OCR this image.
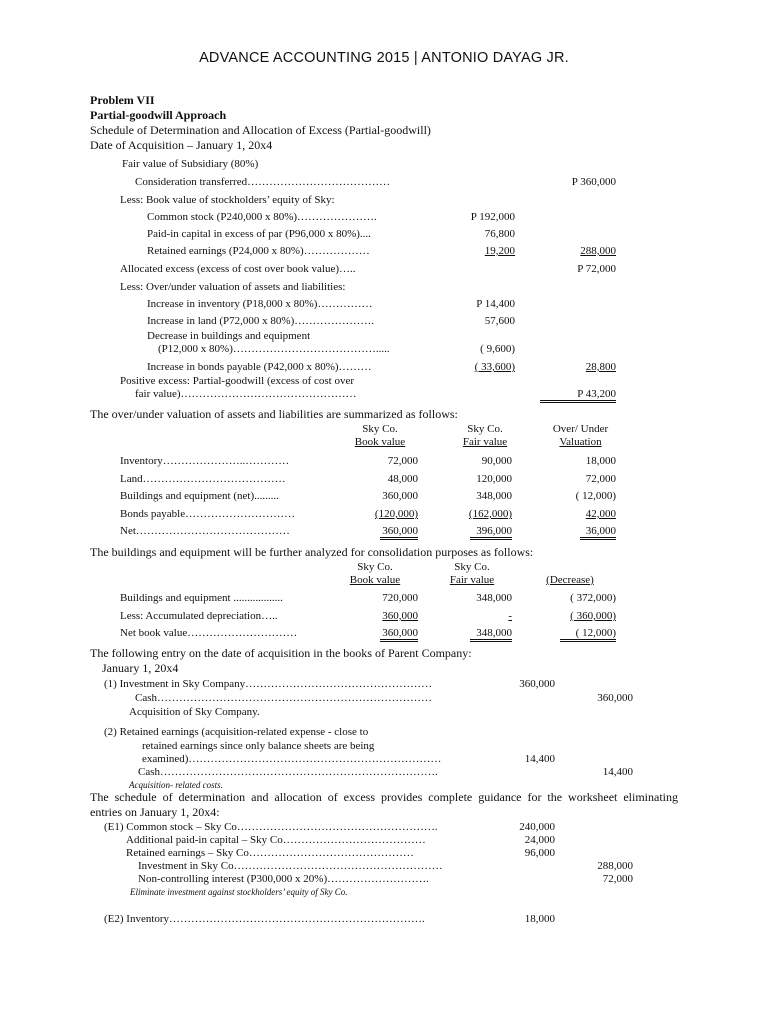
ADVANCE ACCOUNTING 2015 | ANTONIO DAYAG JR.
Problem VII
Partial-goodwill Approach
Schedule of Determination and Allocation of Excess (Partial-goodwill)
Date of Acquisition – January 1, 20x4
Fair value of Subsidiary (80%)
Consideration transferred…………………………………	P 360,000
Less: Book value of stockholders’ equity of Sky:
Common stock (P240,000 x 80%)………………….	P 192,000
Paid-in capital in excess of par (P96,000 x 80%)....	76,800
Retained earnings (P24,000 x 80%)………………	19,200	288,000
Allocated excess (excess of cost over book value)…..	P 72,000
Less: Over/under valuation of assets and liabilities:
Increase in inventory (P18,000 x 80%)……………	P 14,400
Increase in land (P72,000 x 80%)………………….	57,600
Decrease in buildings and equipment
(P12,000 x 80%)………………………………….....	( 9,600)
Increase in bonds payable (P42,000 x 80%)………	( 33,600)	28,800
Positive excess: Partial-goodwill (excess of cost over
fair value)…………………………………………	P 43,200
The over/under valuation of assets and liabilities are summarized as follows:
Sky Co.
Book value
Sky Co.
Fair value
Over/ Under
Valuation
Inventory…………………..…………	72,000	90,000	18,000
Land…………………………………	48,000	120,000	72,000
Buildings and equipment (net).........	360,000	348,000	( 12,000)
Bonds payable…………………………	(120,000)	(162,000)	42,000
Net……………………………………	360,000	396,000	36,000
The buildings and equipment will be further analyzed for consolidation purposes as follows:
Sky Co.
Book value
Sky Co.
Fair value	(Decrease)
Buildings and equipment ..................	720,000	348,000	( 372,000)
Less: Accumulated depreciation…..	360,000	-	( 360,000)
Net book value…………………………	360,000	348,000	( 12,000)
The following entry on the date of acquisition in the books of Parent Company:
January 1, 20x4
(1) Investment in Sky Company……………………………………………	360,000
Cash…………………………………………………………………	360,000
Acquisition of Sky Company.
(2) Retained earnings (acquisition-related expense - close to
retained earnings since only balance sheets are being
examined)……………………………………………………………	14,400
Cash………………………………………………………………….	14,400
Acquisition- related costs.
The schedule of determination and allocation of excess provides complete guidance for the worksheet eliminating
entries on January 1, 20x4:
(E1) Common stock – Sky Co……………………………………………….	240,000
Additional paid-in capital – Sky Co…………………………………	24,000
Retained earnings – Sky Co………………………………………	96,000
Investment in Sky Co…………………………………………………	288,000
Non-controlling interest (P300,000 x 20%)……………………….	72,000
Eliminate investment against stockholders’ equity of Sky Co.
(E2) Inventory…………………………………………………………….	18,000
